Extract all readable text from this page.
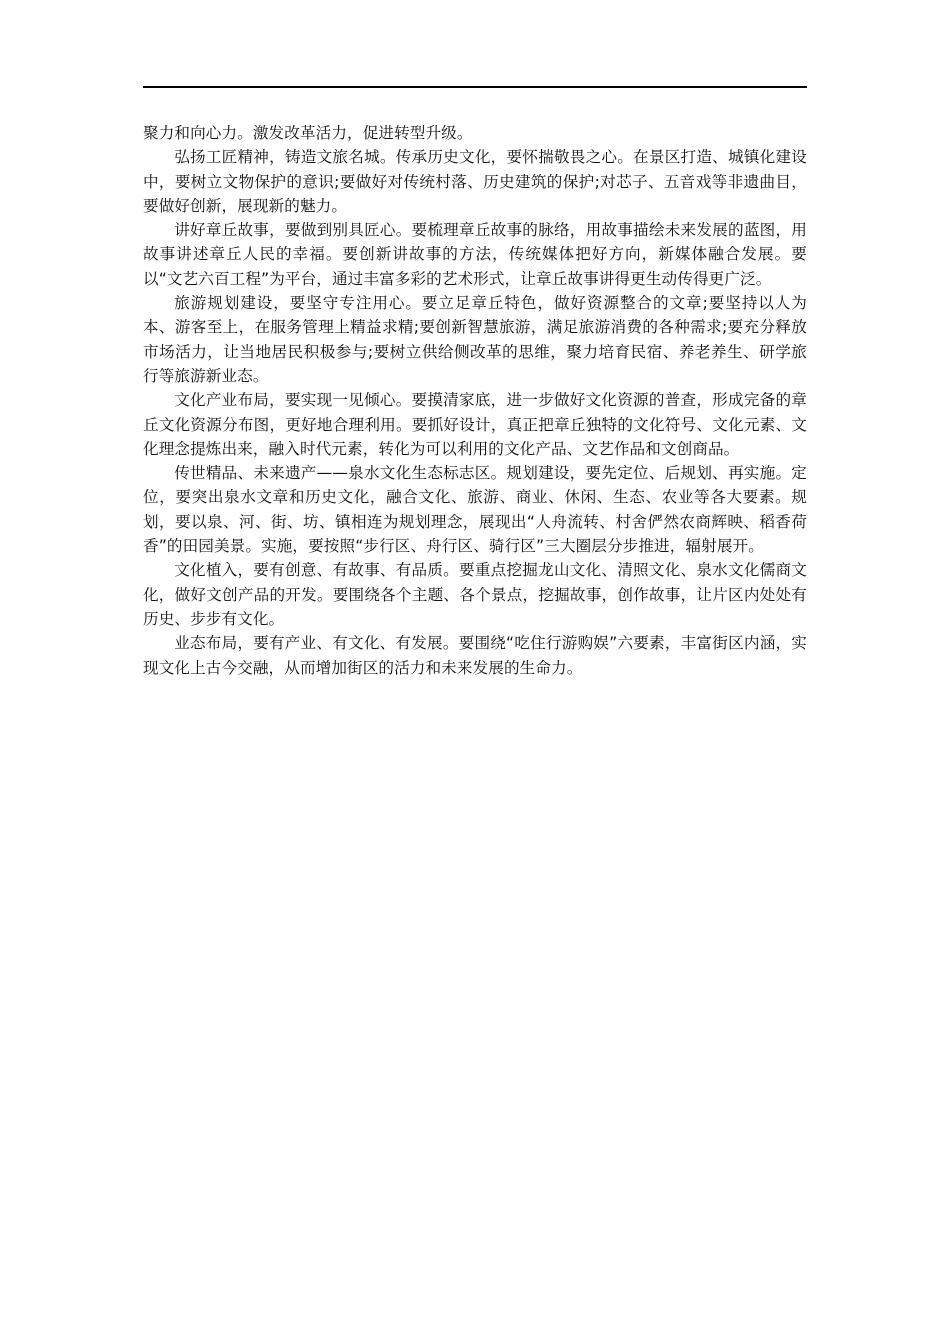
聚力和向心力。激发改革活力，促进转型升级。

弘扬工匠精神，铸造文旅名城。传承历史文化，要怀揣敬畏之心。在景区打造、城镇化建设中，要树立文物保护的意识;要做好对传统村落、历史建筑的保护;对芯子、五音戏等非遗曲目，要做好创新，展现新的魅力。

讲好章丘故事，要做到别具匠心。要梳理章丘故事的脉络，用故事描绘未来发展的蓝图，用故事讲述章丘人民的幸福。要创新讲故事的方法，传统媒体把好方向，新媒体融合发展。要以“文艺六百工程”为平台，通过丰富多彩的艺术形式，让章丘故事讲得更生动传得更广泛。

旅游规划建设，要坚守专注用心。要立足章丘特色，做好资源整合的文章;要坚持以人为本、游客至上，在服务管理上精益求精;要创新智慧旅游，满足旅游消费的各种需求;要充分释放市场活力，让当地居民积极参与;要树立供给侧改革的思维，聚力培育民宿、养老养生、研学旅行等旅游新业态。

文化产业布局，要实现一见倾心。要摸清家底，进一步做好文化资源的普查，形成完备的章丘文化资源分布图，更好地合理利用。要抓好设计，真正把章丘独特的文化符号、文化元素、文化理念提炼出来，融入时代元素，转化为可以利用的文化产品、文艺作品和文创商品。

传世精品、未来遗产——泉水文化生态标志区。规划建设，要先定位、后规划、再实施。定位，要突出泉水文章和历史文化，融合文化、旅游、商业、休闲、生态、农业等各大要素。规划，要以泉、河、街、坊、镇相连为规划理念，展现出“人舟流转、村舍俨然农商辉映、稻香荷香”的田园美景。实施，要按照“步行区、舟行区、骑行区”三大圈层分步推进，辐射展开。

文化植入，要有创意、有故事、有品质。要重点挖掘龙山文化、清照文化、泉水文化儒商文化，做好文创产品的开发。要围绕各个主题、各个景点，挖掘故事，创作故事，让片区内处处有历史、步步有文化。

业态布局，要有产业、有文化、有发展。要围绕“吃住行游购娱”六要素，丰富街区内涵，实现文化上古今交融，从而增加街区的活力和未来发展的生命力。
